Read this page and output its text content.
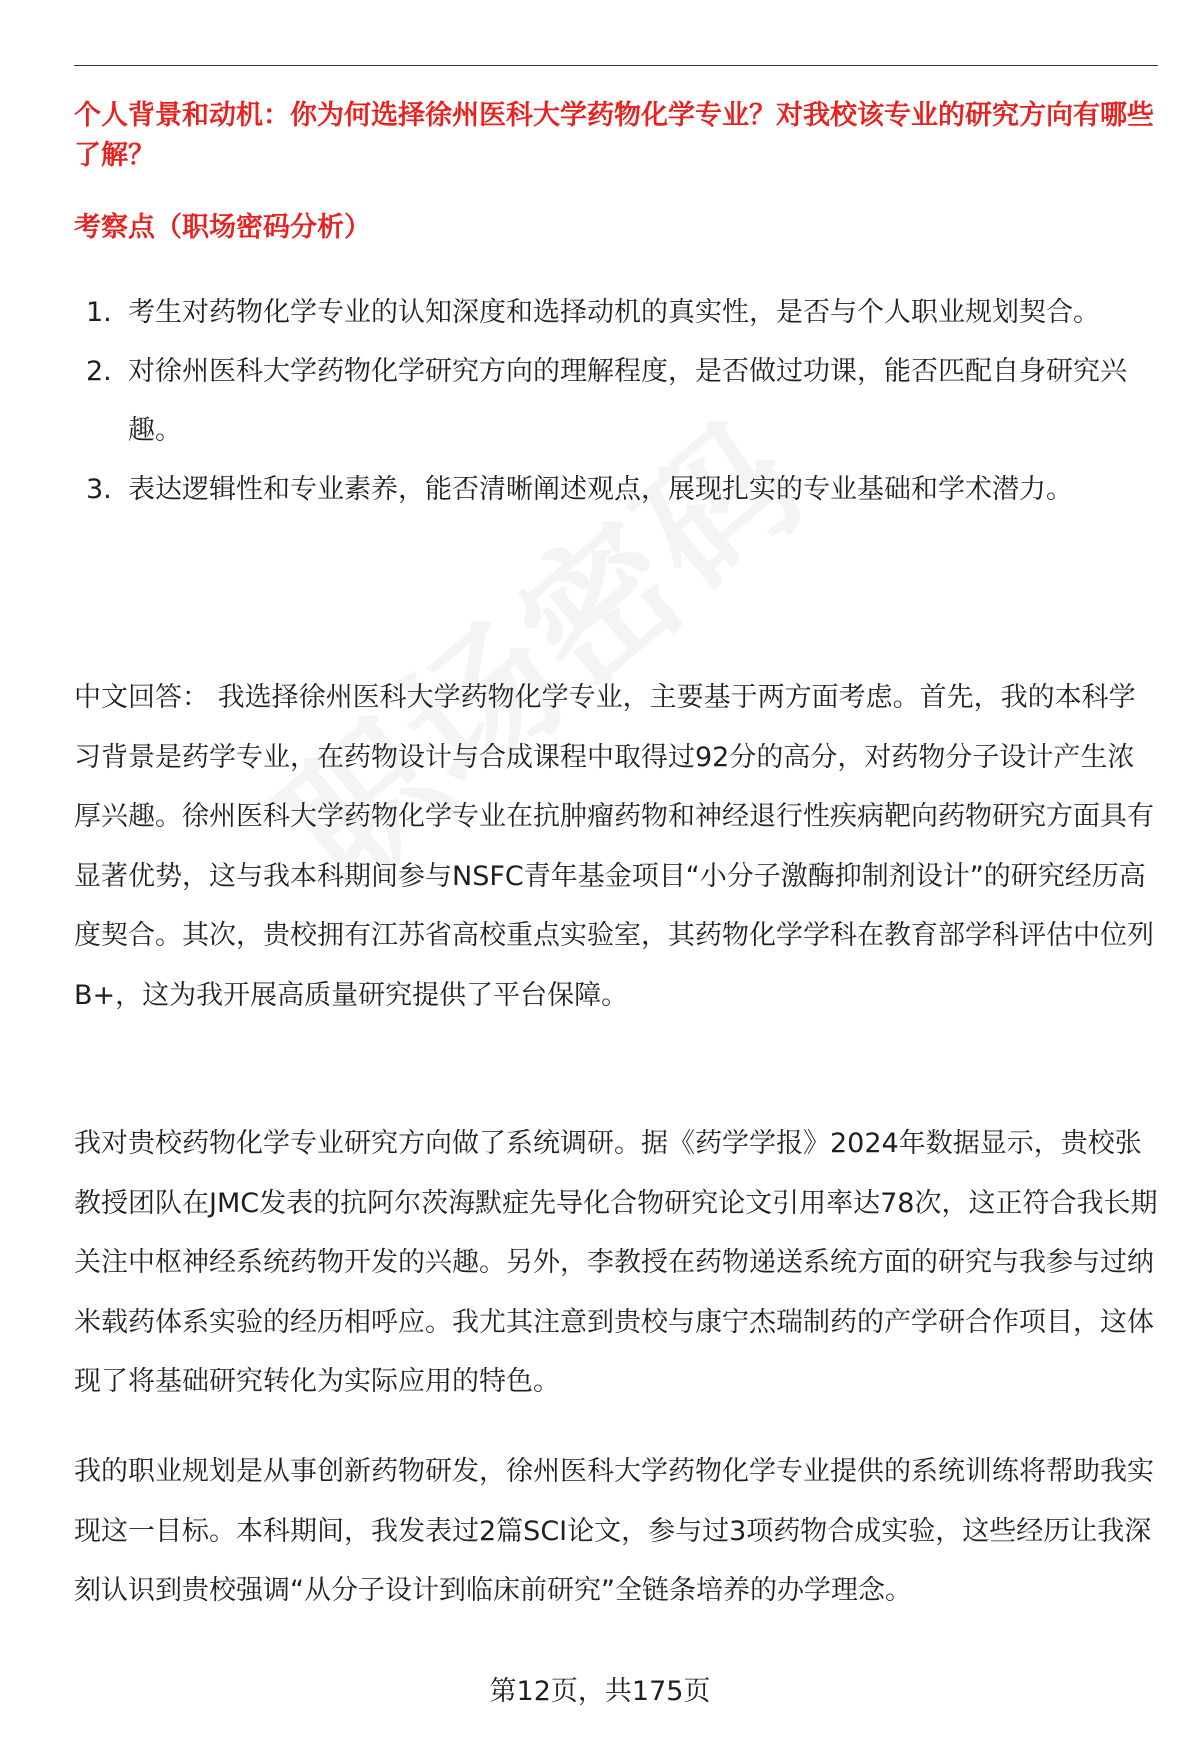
个人背景和动机：你为何选择徐州医科大学药物化学专业？对我校该专业的研究方向有哪些了解？
考察点（职场密码分析）
1. 考生对药物化学专业的认知深度和选择动机的真实性，是否与个人职业规划契合。
2. 对徐州医科大学药物化学研究方向的理解程度，是否做过功课，能否匹配自身研究兴趣。
3. 表达逻辑性和专业素养，能否清晰阐述观点，展现扎实的专业基础和学术潜力。

中文回答： 我选择徐州医科大学药物化学专业，主要基于两方面考虑。首先，我的本科学习背景是药学专业，在药物设计与合成课程中取得过92分的高分，对药物分子设计产生浓厚兴趣。徐州医科大学药物化学专业在抗肿瘤药物和神经退行性疾病靶向药物研究方面具有显著优势，这与我本科期间参与NSFC青年基金项目“小分子激酶抑制剂设计”的研究经历高度契合。其次，贵校拥有江苏省高校重点实验室，其药物化学学科在教育部学科评估中位列B+，这为我开展高质量研究提供了平台保障。

我对贵校药物化学专业研究方向做了系统调研。据《药学学报》2024年数据显示，贵校张教授团队在JMC发表的抗阿尔茨海默症先导化合物研究论文引用率达78次，这正符合我长期关注中枢神经系统药物开发的兴趣。另外，李教授在药物递送系统方面的研究与我参与过纳米载药体系实验的经历相呼应。我尤其注意到贵校与康宁杰瑞制药的产学研合作项目，这体现了将基础研究转化为实际应用的特色。

我的职业规划是从事创新药物研发，徐州医科大学药物化学专业提供的系统训练将帮助我实现这一目标。本科期间，我发表过2篇SCI论文，参与过3项药物合成实验，这些经历让我深刻认识到贵校强调“从分子设计到临床前研究”全链条培养的办学理念。

第12页，共175页
